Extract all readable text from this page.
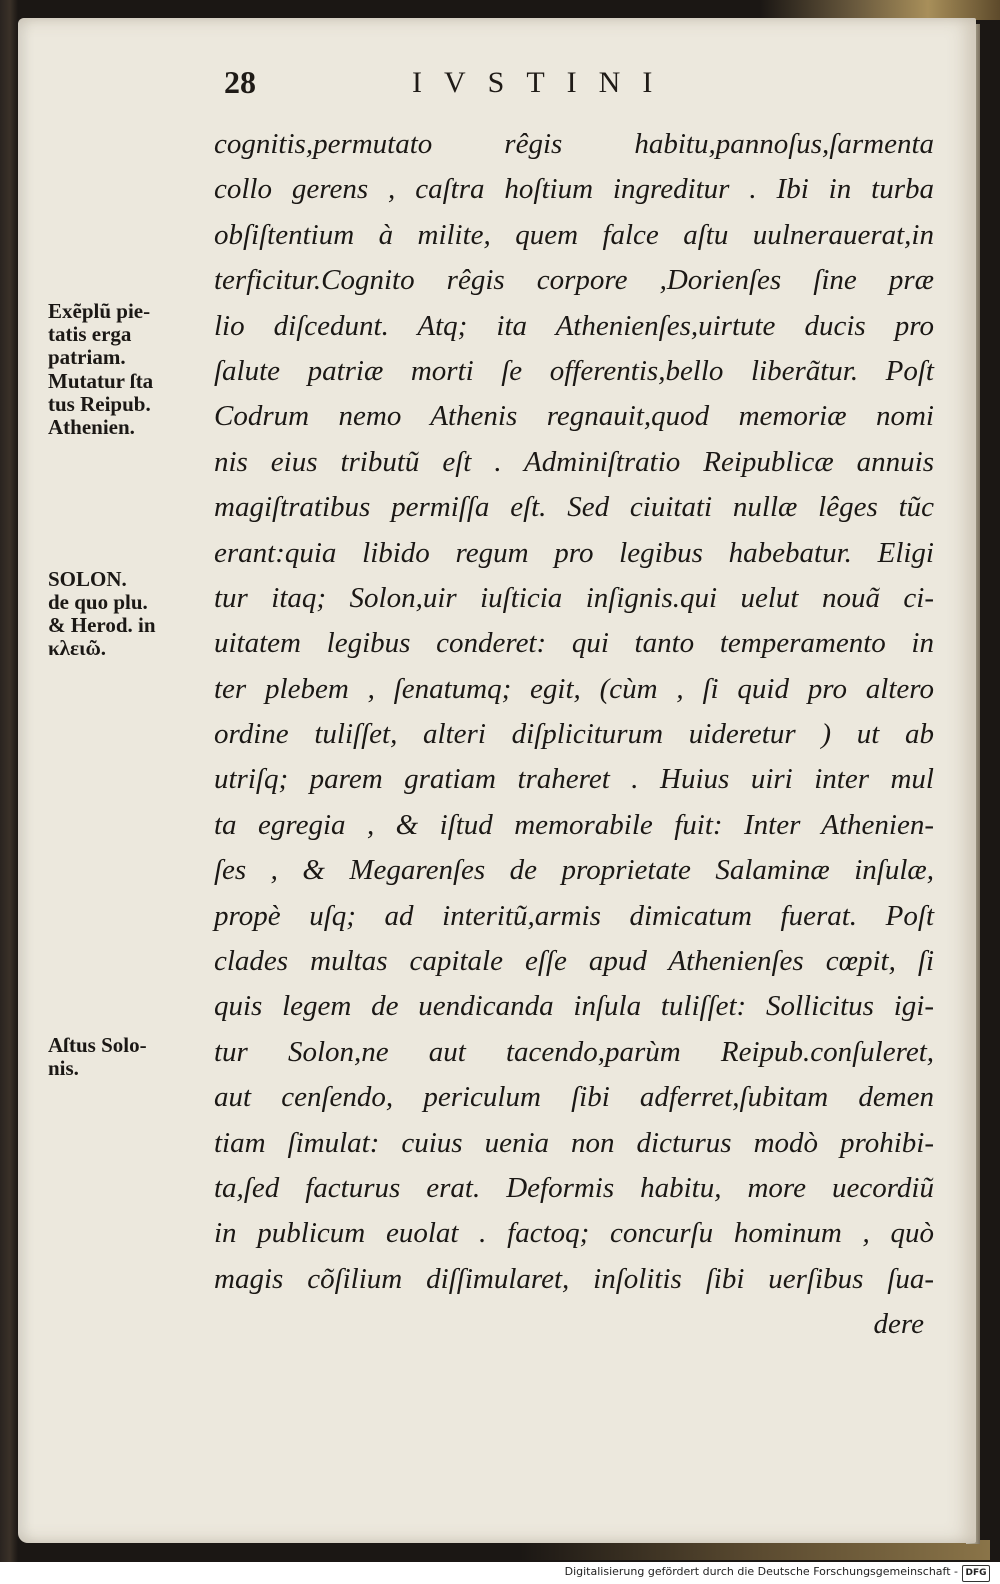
28	IVSTINI
cognitis,permutato rêgis habitu,pannoſus,ſarmenta
collo gerens , caſtra hoſtium ingreditur . Ibi in turba
obſiſtentium à milite, quem falce aſtu uulnerauerat,in
terficitur.Cognito rêgis corpore ,Dorienſes ſine præ
lio diſcedunt. Atq; ita Athenienſes,uirtute ducis pro
ſalute patriæ morti ſe offerentis,bello liberãtur. Poſt
Codrum nemo Athenis regnauit,quod memoriæ nomi
nis eius tributũ eſt . Adminiſtratio Reipublicæ annuis
magiſtratibus permiſſa eſt. Sed ciuitati nullæ lêges tũc
erant:quia libido regum pro legibus habebatur. Eligi
tur itaq; Solon,uir iuſticia inſignis.qui uelut nouã ci-
uitatem legibus conderet: qui tanto temperamento in
ter plebem , ſenatumq; egit, (cùm , ſi quid pro altero
ordine tuliſſet, alteri diſpliciturum uideretur ) ut ab
utriſq; parem gratiam traheret . Huius uiri inter mul
ta egregia , & iſtud memorabile fuit: Inter Athenien-
ſes , & Megarenſes de proprietate Salaminæ inſulæ,
propè uſq; ad interitũ,armis dimicatum fuerat. Poſt
clades multas capitale eſſe apud Athenienſes cœpit, ſi
quis legem de uendicanda inſula tuliſſet: Sollicitus igi-
tur Solon,ne aut tacendo,parùm Reipub.conſuleret,
aut cenſendo, periculum ſibi adferret,ſubitam demen
tiam ſimulat: cuius uenia non dicturus modò prohibi-
ta,ſed facturus erat. Deformis habitu, more uecordiũ
in publicum euolat . factoq; concurſu hominum , quò
magis cõſilium diſſimularet, inſolitis ſibi uerſibus ſua-
dere
Exẽplũ pie-
tatis erga
patriam.
Mutatur ſta
tus Reipub.
Athenien.
SOLON.
de quo plu.
& Herod. in
κλειῶ.
Aſtus Solo-
nis.
Digitalisierung gefördert durch die Deutsche Forschungsgemeinschaft - DFG
